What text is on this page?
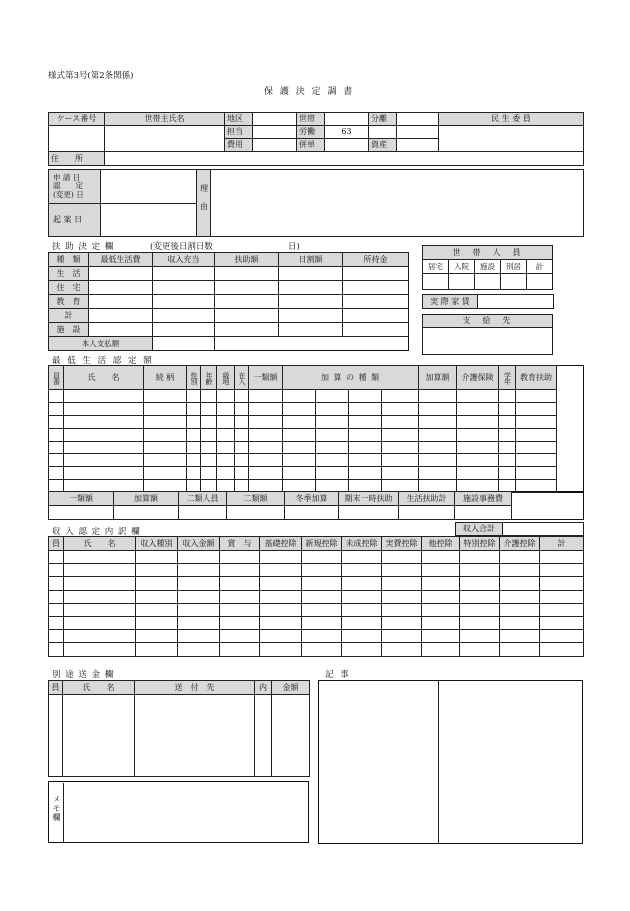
様式第3号(第2条関係)
保 護 決 定 調 書
ケース番号	世帯主氏名	地区		世帯		分離		民 生 委 員
		担当		労働	63			
		費用		併単		資産		
住　　所								
申 請 日
認　　定
(変更) 日		理由	
起 案 日			
扶 助 決 定 欄	(変更後日割日数	日)
種　類	最低生活費	収入充当	扶助額	日割額	所持金
生　活					
住　宅					
教　育					
計					
施　設					
本人支払額					
世　帯　人　員				
居宅	入院	施設	別居	計

実 際 家 賃	
支　給　先

最 低 生 活 認 定 額
員番	氏　　名	続 柄	性別	年齢	級地	在入	一類額	加 算 の 種 類				加算額	介護保険	学年	教育扶助	

一類額	加算額	二類人員	二類額	冬季加算	期末一時扶助	生活扶助計	施設事務費	

収 入 認 定 内 訳 欄	収入合計	
員	氏　　名	収入種別	収入金額	賞　与	基礎控除	新規控除	未成控除	実費控除	他控除	特別控除	介護控除	計

別 途 送 金 欄
員	氏　　名	送　付　先	内	金額

記 事
メモ欄
